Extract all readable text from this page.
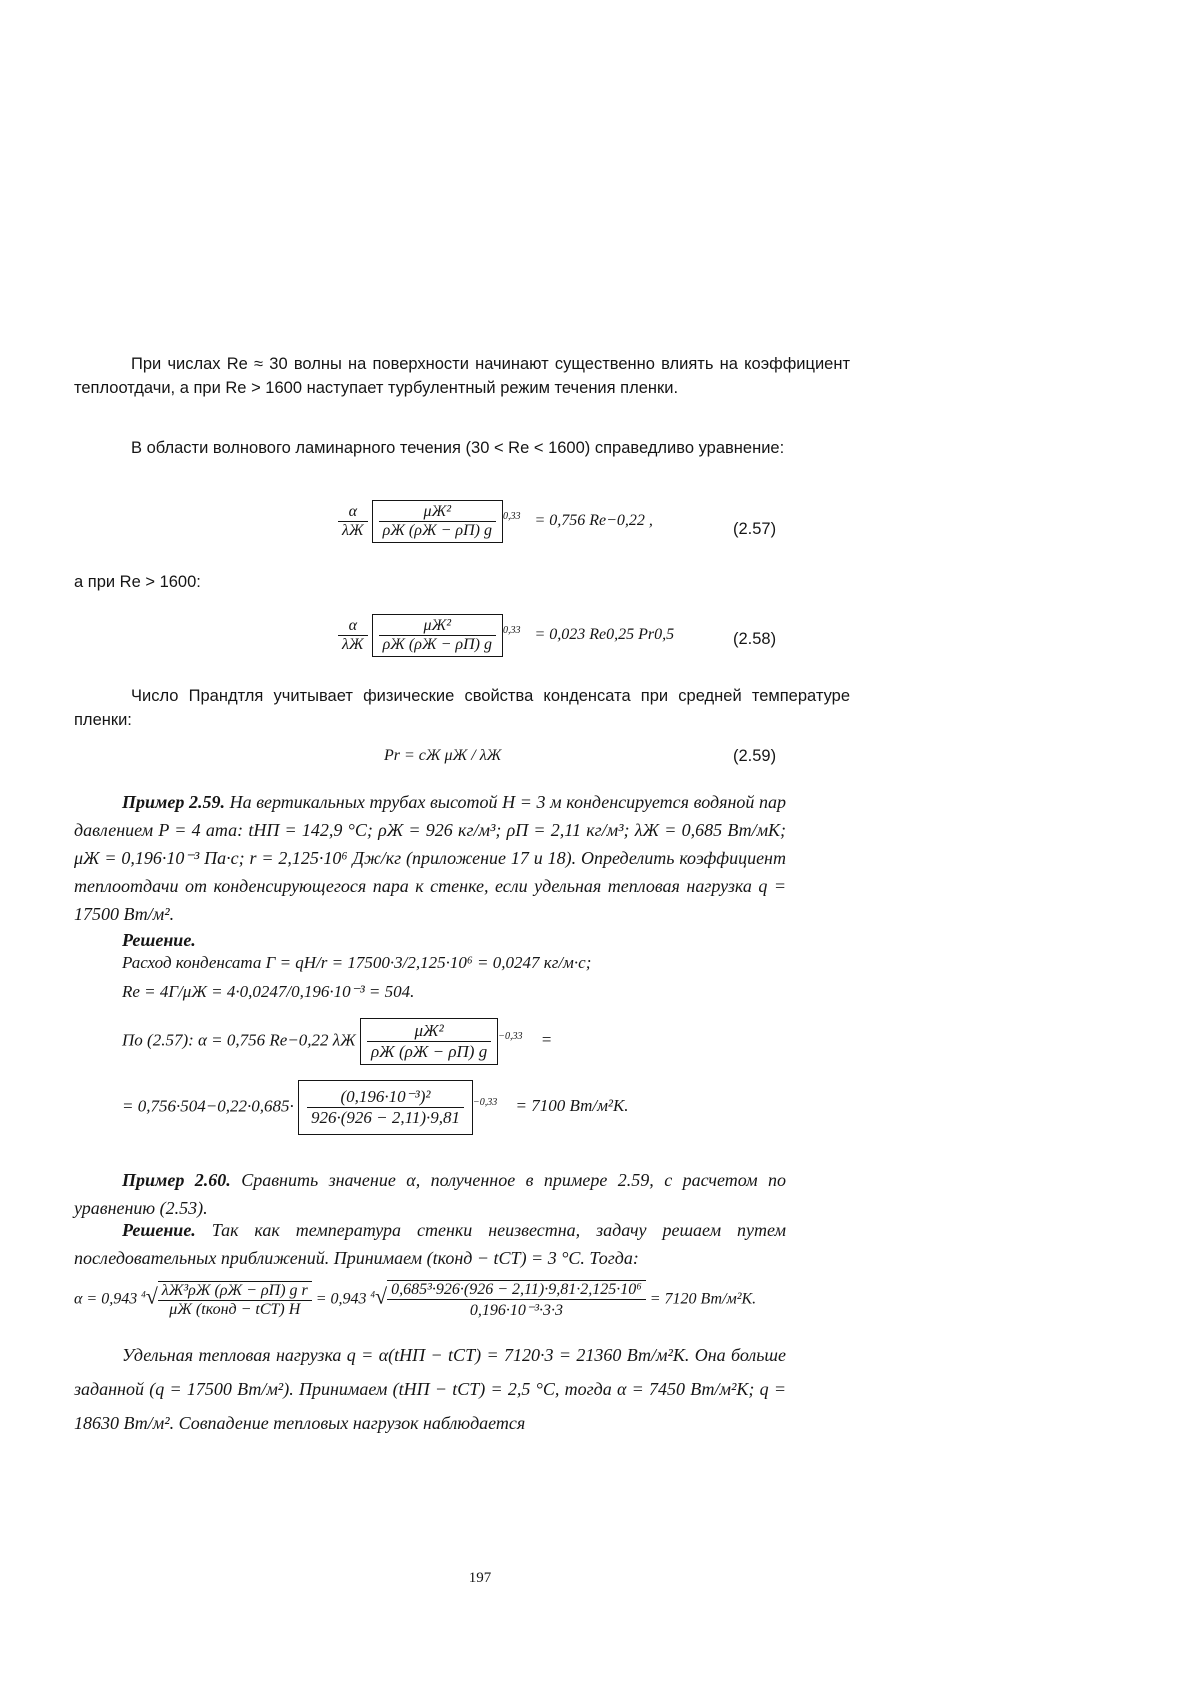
При числах Re ≈ 30 волны на поверхности начинают существенно влиять на коэффициент теплоотдачи, а при Re > 1600 наступает турбулентный режим течения пленки.
В области волнового ламинарного течения (30 < Re < 1600) справедливо уравнение:
$\frac{\alpha}{\lambda Ж}$
$\frac{\text{μЖ²}}{\rho Ж (\rho Ж - \rho П) g} ^{0,33} = 0,756$ Re−0,22 ,	(2.57)
а при Re > 1600:
$\frac{\alpha}{\lambda Ж}$
$\frac{\text{μЖ²}}{\rho Ж (\rho Ж - \rho П) g} ^{0,33} = 0,023$ Re0,25 Pr0,5	(2.58)
Число Прандтля учитывает физические свойства конденсата при средней температуре пленки:
Pr = cЖ μЖ / λЖ	(2.59)
Пример 2.59. На вертикальных трубах высотой H = 3 м конденсируется водяной пар давлением P = 4 ата: tНП = 142,9 °C; ρЖ = 926 кг/м³; ρП = 2,11 кг/м³; λЖ = 0,685 Вт/мК; μЖ = 0,196·10⁻³ Па·с; r = 2,125·10⁶ Дж/кг (приложение 17 и 18). Определить коэффициент теплоотдачи от конденсирующегося пара к стенке, если удельная тепловая нагрузка q = 17500 Вт/м².
Решение.
Расход конденсата Г = qH/r = 17500·3/2,125·10⁶ = 0,0247 кг/м·с;
Re = 4Г/μЖ = 4·0,0247/0,196·10⁻³ = 504.
По (2.57): α = 0,756 Re−0,22 λЖ $\frac{\text{μЖ²}}{\rho Ж (\rho Ж - \rho П) g} ^{-0,33}$ =
= $0,756\cdot 504-0,22\cdot 0,685\cdot \frac{\text{(0,196·10⁻³)²}}{926\cdot(926 - 2,11)\cdot 9,81} ^{-0,33} = 7100$ Вт/м²К.
Пример 2.60. Сравнить значение α, полученное в примере 2.59, с расчетом по уравнению (2.53).
Решение. Так как температура стенки неизвестна, задачу решаем путем последовательных приближений. Принимаем (tконд − tСТ) = 3 °C. Тогда:
α = 0,943 $^4√ \frac{\text{λЖ³ρЖ (ρЖ − ρП) g r}}{\text{μЖ (tконд − tСТ) H}} = 0,943$ $^4√ \frac{\text{0,685³·926·(926 − 2,11)·9,81·2,125·10⁶}}{\text{0,196·10⁻³·3·3}} = 7120$ Вт/м²К.
Удельная тепловая нагрузка q = α(tНП − tСТ) = 7120·3 = 21360 Вт/м²К. Она больше заданной (q = 17500 Вт/м²). Принимаем (tНП − tСТ) = 2,5 °C, тогда α = 7450 Вт/м²К; q = 18630 Вт/м². Совпадение тепловых нагрузок наблюдается
197
